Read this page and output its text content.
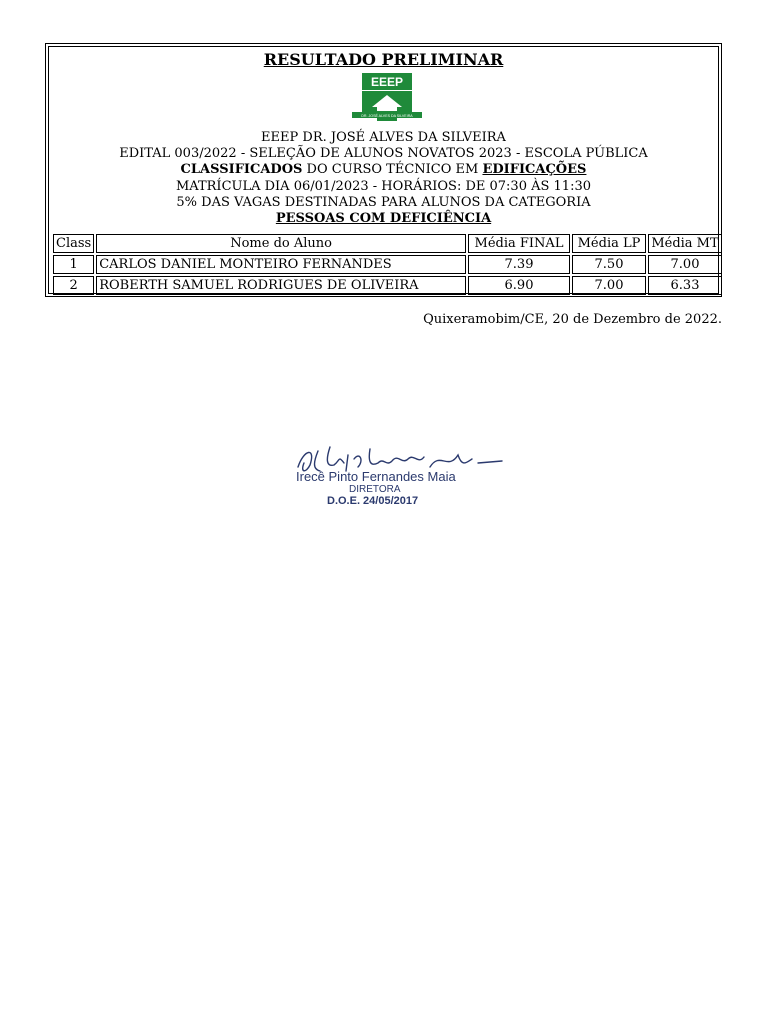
RESULTADO PRELIMINAR
EEEP
DR. JOSÉ ALVES DA SILVEIRA
EEEP DR. JOSÉ ALVES DA SILVEIRA
EDITAL 003/2022 - SELEÇÃO DE ALUNOS NOVATOS 2023 - ESCOLA PÚBLICA
CLASSIFICADOS DO CURSO TÉCNICO EM EDIFICAÇÕES
MATRÍCULA DIA 06/01/2023 - HORÁRIOS: DE 07:30 ÀS 11:30
5% DAS VAGAS DESTINADAS PARA ALUNOS DA CATEGORIA
PESSOAS COM DEFICIÊNCIA
Class	Nome do Aluno	Média FINAL	Média LP	Média MT
1	CARLOS DANIEL MONTEIRO FERNANDES	7.39	7.50	7.00
2	ROBERTH SAMUEL RODRIGUES DE OLIVEIRA	6.90	7.00	6.33
Quixeramobim/CE, 20 de Dezembro de 2022.
Irecê Pinto Fernandes Maia
DIRETORA
D.O.E. 24/05/2017
